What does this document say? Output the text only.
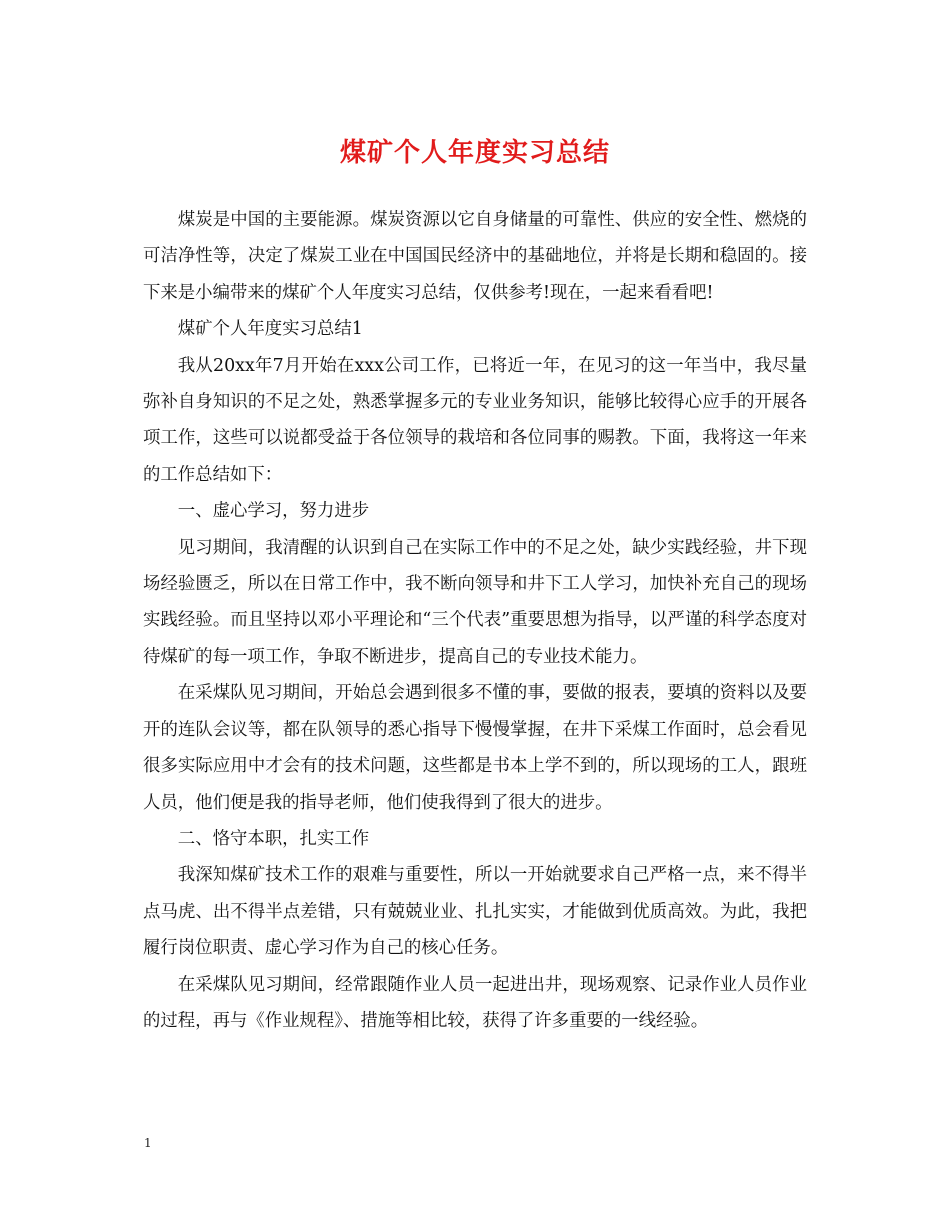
煤矿个人年度实习总结

煤炭是中国的主要能源。煤炭资源以它自身储量的可靠性、供应的安全性、燃烧的可洁净性等，决定了煤炭工业在中国国民经济中的基础地位，并将是长期和稳固的。接下来是小编带来的煤矿个人年度实习总结，仅供参考!现在，一起来看看吧!

煤矿个人年度实习总结1

我从20xx年7月开始在xxx公司工作，已将近一年，在见习的这一年当中，我尽量弥补自身知识的不足之处，熟悉掌握多元的专业业务知识，能够比较得心应手的开展各项工作，这些可以说都受益于各位领导的栽培和各位同事的赐教。下面，我将这一年来的工作总结如下：

一、虚心学习，努力进步

见习期间，我清醒的认识到自己在实际工作中的不足之处，缺少实践经验，井下现场经验匮乏，所以在日常工作中，我不断向领导和井下工人学习，加快补充自己的现场实践经验。而且坚持以邓小平理论和“三个代表”重要思想为指导，以严谨的科学态度对待煤矿的每一项工作，争取不断进步，提高自己的专业技术能力。

在采煤队见习期间，开始总会遇到很多不懂的事，要做的报表，要填的资料以及要开的连队会议等，都在队领导的悉心指导下慢慢掌握，在井下采煤工作面时，总会看见很多实际应用中才会有的技术问题，这些都是书本上学不到的，所以现场的工人，跟班人员，他们便是我的指导老师，他们使我得到了很大的进步。

二、恪守本职，扎实工作

我深知煤矿技术工作的艰难与重要性，所以一开始就要求自己严格一点，来不得半点马虎、出不得半点差错，只有兢兢业业、扎扎实实，才能做到优质高效。为此，我把履行岗位职责、虚心学习作为自己的核心任务。

在采煤队见习期间，经常跟随作业人员一起进出井，现场观察、记录作业人员作业的过程，再与《作业规程》、措施等相比较，获得了许多重要的一线经验。

1
